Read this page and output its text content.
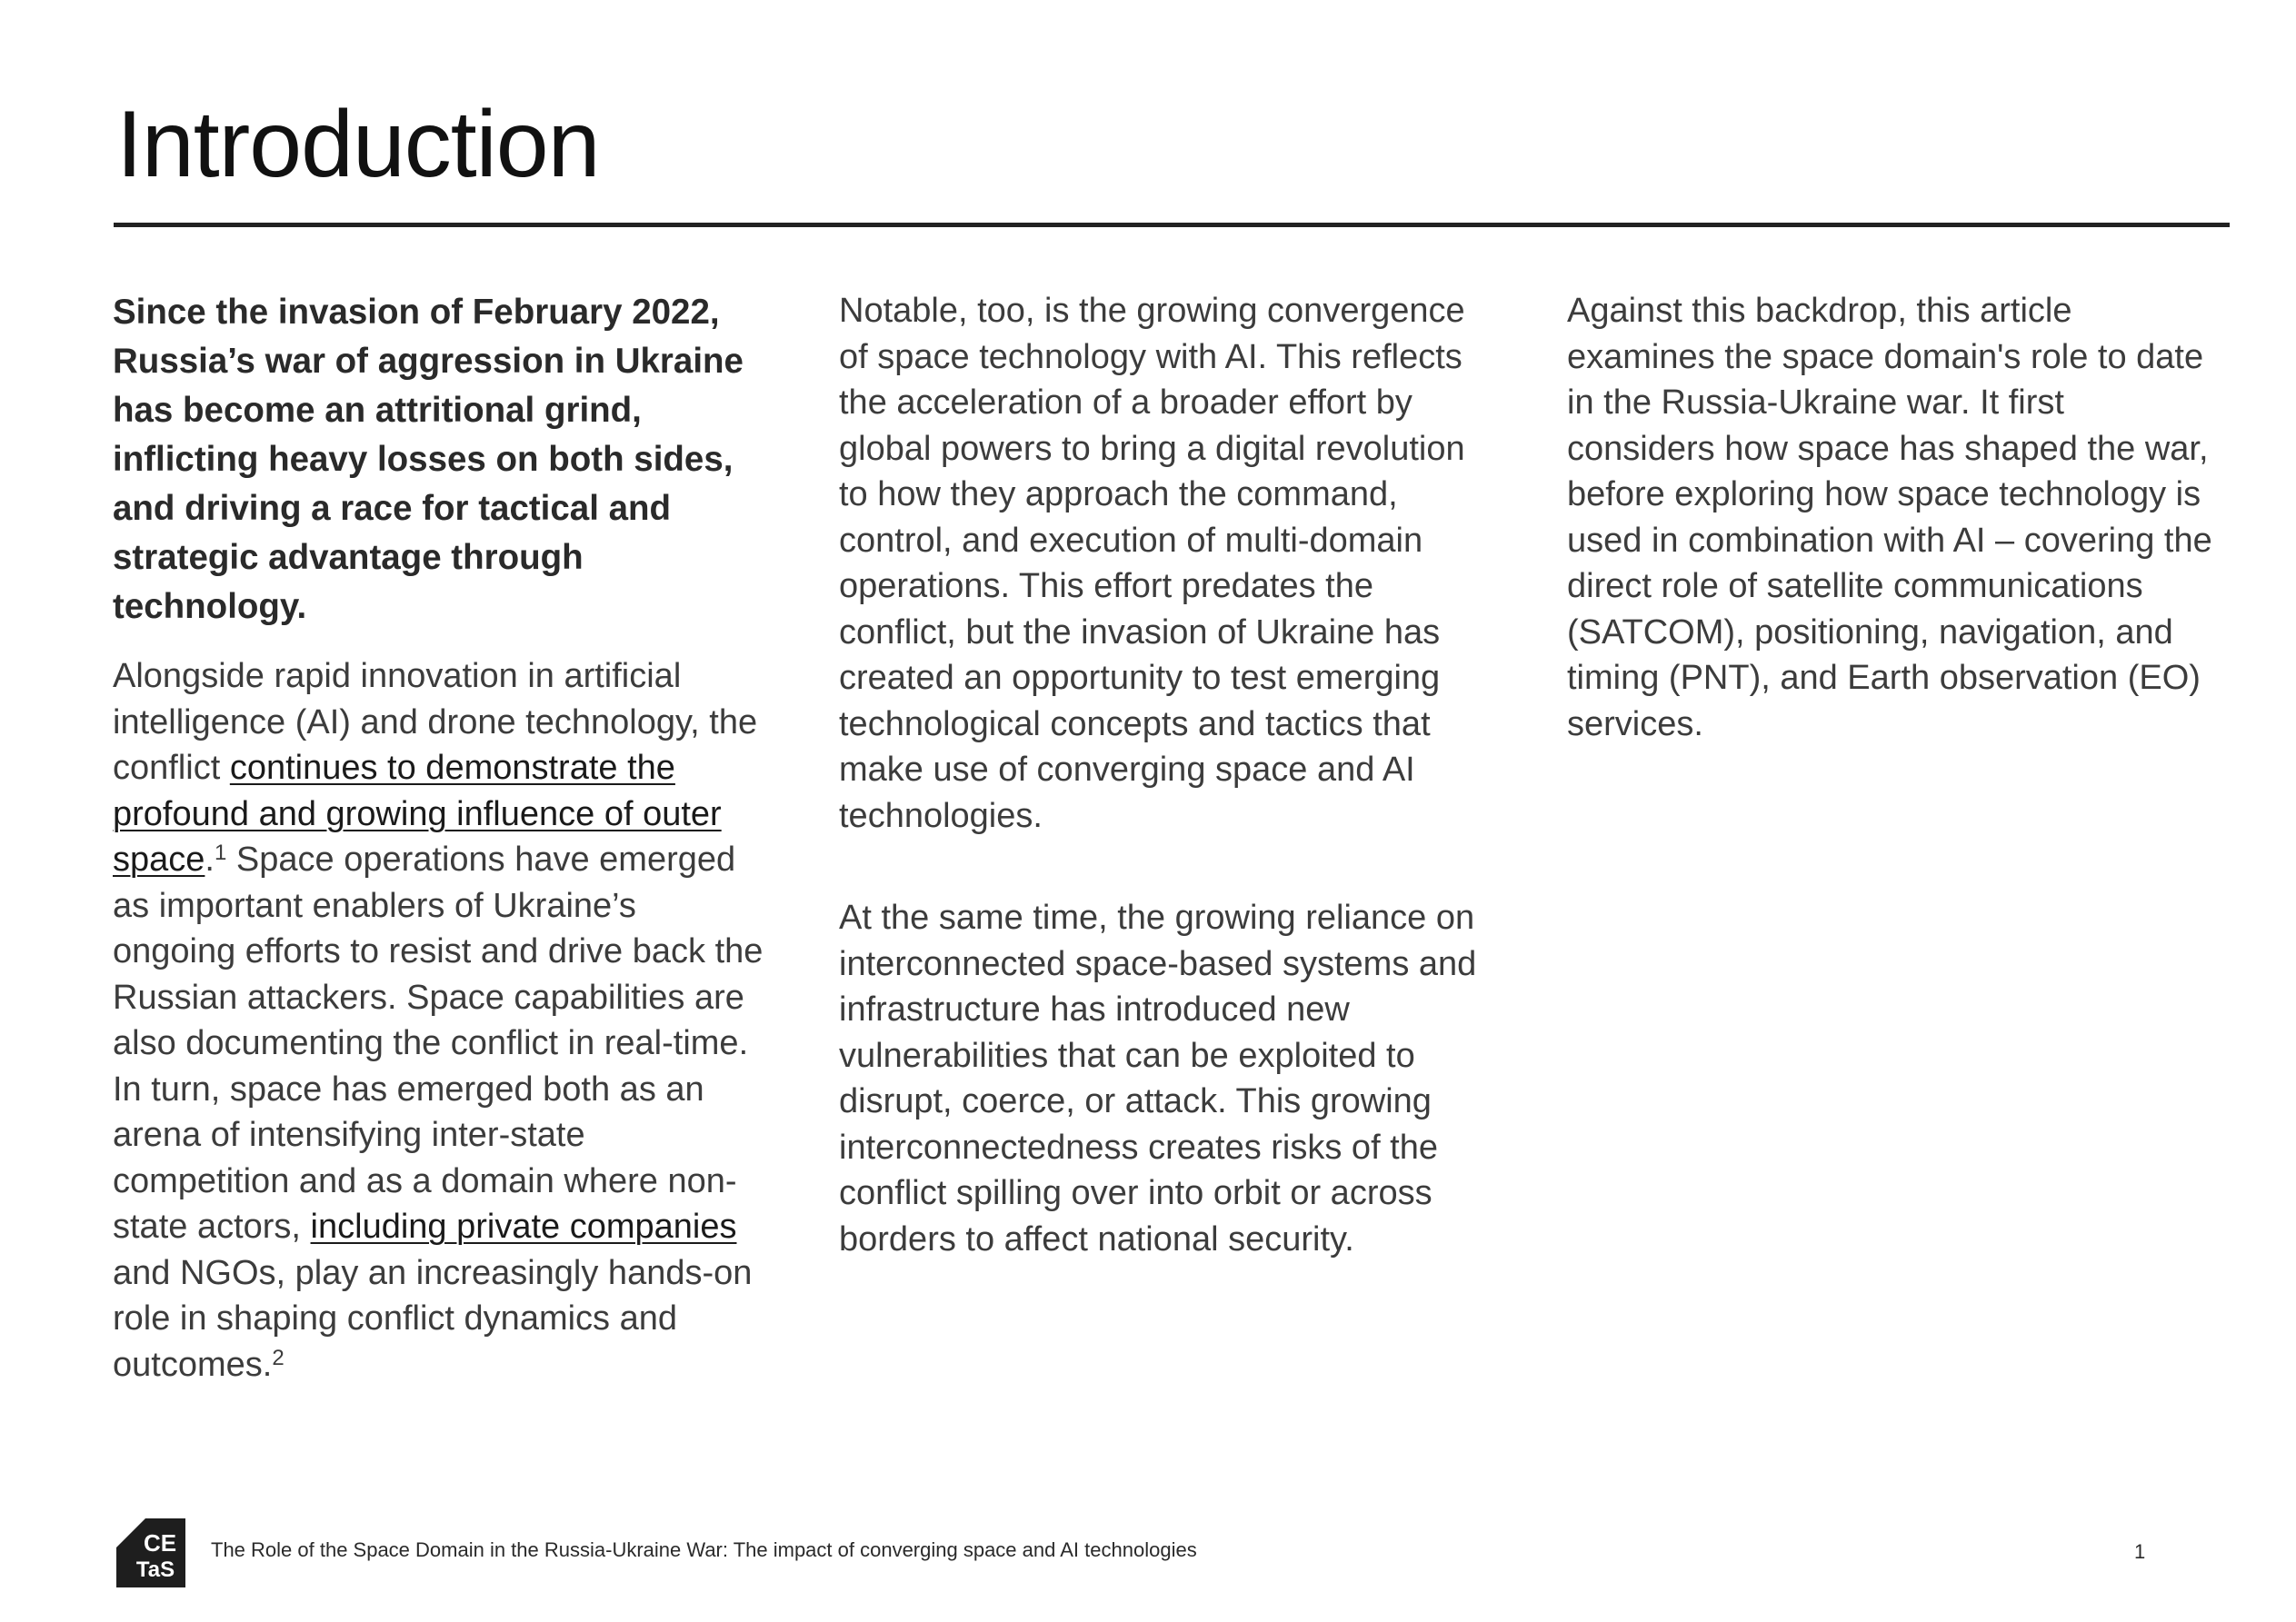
Introduction

Since the invasion of February 2022, Russia’s war of aggression in Ukraine has become an attritional grind, inflicting heavy losses on both sides, and driving a race for tactical and strategic advantage through technology.

Alongside rapid innovation in artificial intelligence (AI) and drone technology, the conflict continues to demonstrate the profound and growing influence of outer space.$^1$ Space operations have emerged as important enablers of Ukraine’s ongoing efforts to resist and drive back the Russian attackers. Space capabilities are also documenting the conflict in real-time. In turn, space has emerged both as an arena of intensifying inter-state competition and as a domain where non-state actors, including private companies and NGOs, play an increasingly hands-on role in shaping conflict dynamics and outcomes.$^2$

Notable, too, is the growing convergence of space technology with AI. This reflects the acceleration of a broader effort by global powers to bring a digital revolution to how they approach the command, control, and execution of multi-domain operations. This effort predates the conflict, but the invasion of Ukraine has created an opportunity to test emerging technological concepts and tactics that make use of converging space and AI technologies.

At the same time, the growing reliance on interconnected space-based systems and infrastructure has introduced new vulnerabilities that can be exploited to disrupt, coerce, or attack. This growing interconnectedness creates risks of the conflict spilling over into orbit or across borders to affect national security.

Against this backdrop, this article examines the space domain's role to date in the Russia-Ukraine war. It first considers how space has shaped the war, before exploring how space technology is used in combination with AI – covering the direct role of satellite communications (SATCOM), positioning, navigation, and timing (PNT), and Earth observation (EO) services.

CE
TaS
The Role of the Space Domain in the Russia-Ukraine War: The impact of converging space and AI technologies	1
